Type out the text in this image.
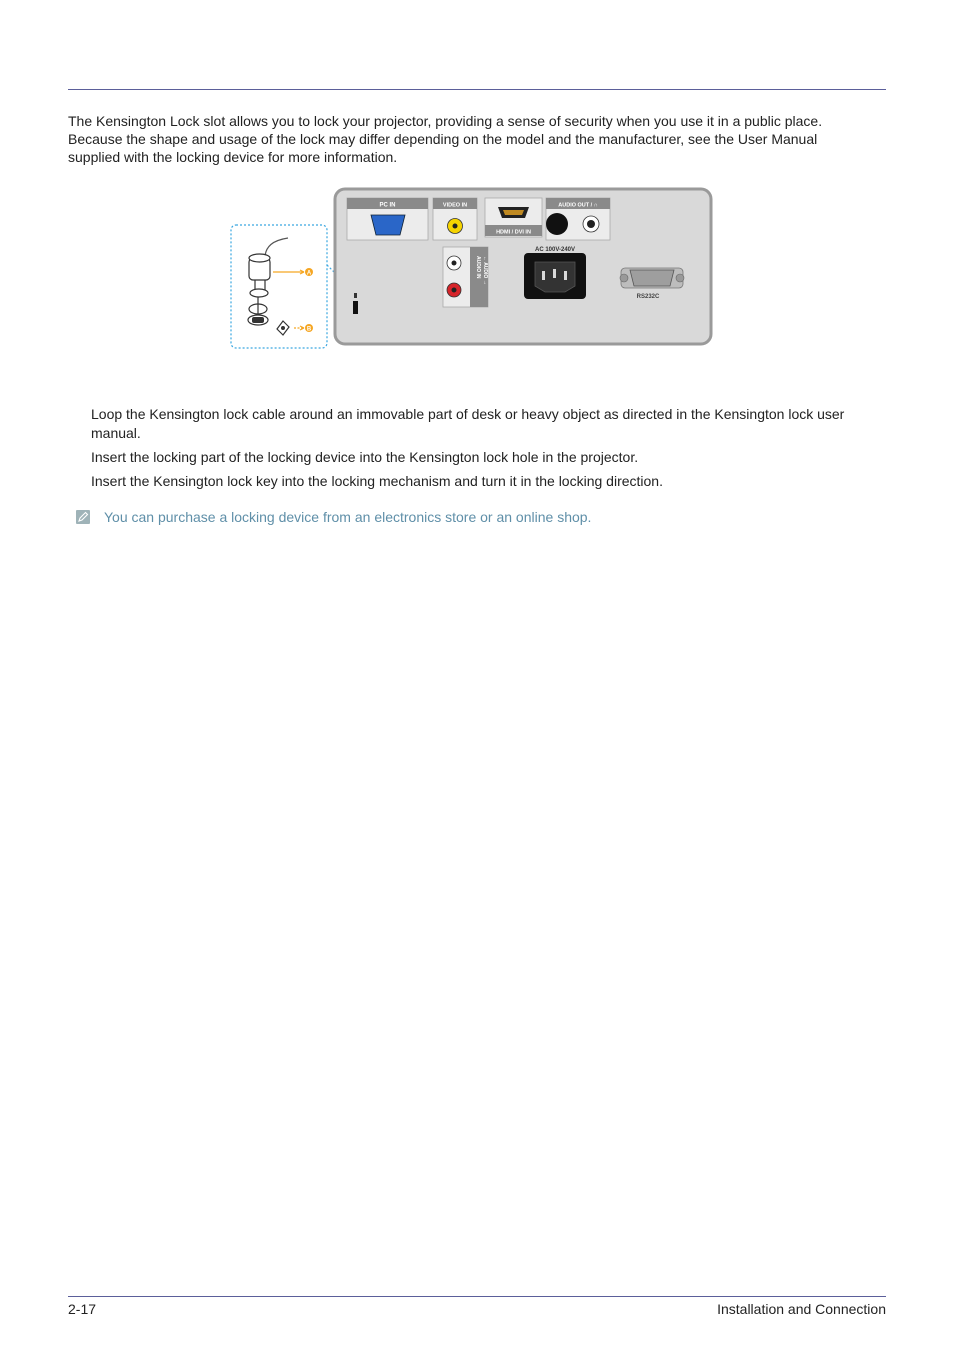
The Kensington Lock slot allows you to lock your projector, providing a sense of security when you use it in a public place.

Because the shape and usage of the lock may differ depending on the model and the manufacturer, see the User Manual

supplied with the locking device for more information.

A
B
PC IN	VIDEO IN
HDMI / DVI IN
AUDIO OUT / ∩
AUDIO IN ← AUDIO →
AC 100V-240V
RS232C
Loop the Kensington lock cable around an immovable part of desk or heavy object as directed in the Kensington lock user
manual.
Insert the locking part of the locking device into the Kensington lock hole in the projector.
Insert the Kensington lock key into the locking mechanism and turn it in the locking direction.
You can purchase a locking device from an electronics store or an online shop.
2-17	Installation and Connection
